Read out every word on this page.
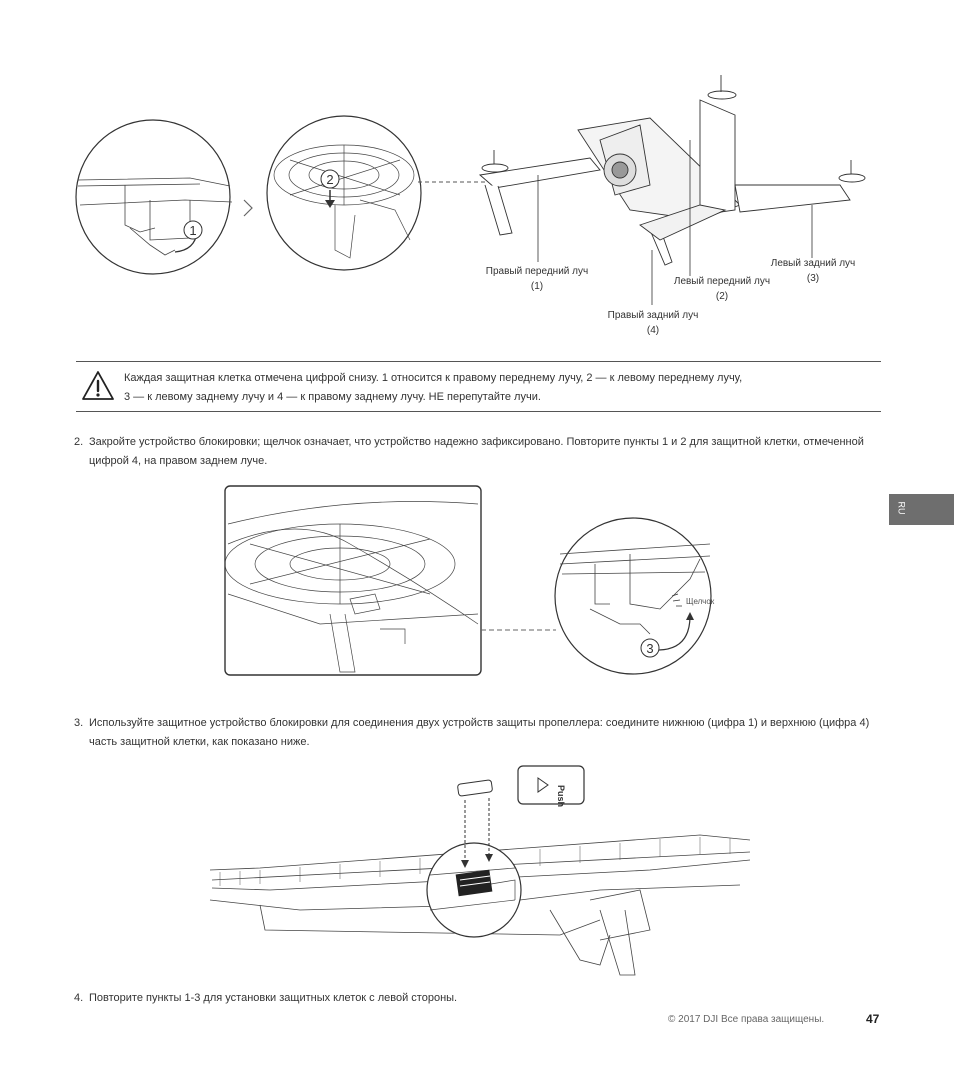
1
2
Правый передний луч
(1)	Левый передний луч
(2)
Левый задний луч
(3)
Правый задний луч
(4)
Каждая защитная клетка отмечена цифрой снизу. 1 относится к правому переднему лучу, 2 — к левому переднему лучу,
3 — к левому заднему лучу и 4 — к правому заднему лучу. НЕ перепутайте лучи.
2. Закройте устройство блокировки; щелчок означает, что устройство надежно зафиксировано. Повторите пункты 1 и 2 для защитной клетки, отмеченной цифрой 4, на правом заднем луче.
3
Щелчок
3. Используйте защитное устройство блокировки для соединения двух устройств защиты пропеллера: соедините нижнюю (цифра 1) и верхнюю (цифра 4) часть защитной клетки, как показано ниже.
Push
4. Повторите пункты 1-3 для установки защитных клеток с левой стороны.
RU
© 2017 DJI Все права защищены.	47
